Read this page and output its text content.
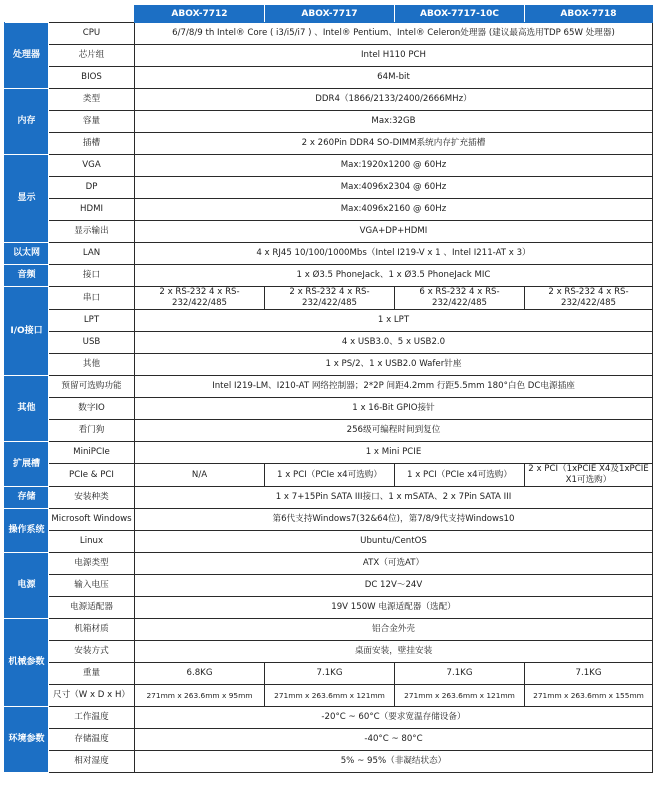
		ABOX-7712	ABOX-7717	ABOX-7717-10C	ABOX-7718
处理器	CPU	6/7/8/9 th Intel® Core ( i3/i5/i7 ) 、Intel® Pentium、Intel® Celeron处理器 (建议最高选用TDP 65W 处理器)			
	芯片组	Intel H110 PCH			
	BIOS	64M-bit			
内存	类型	DDR4（1866/2133/2400/2666MHz）			
	容量	Max:32GB			
	插槽	2 x 260Pin DDR4 SO-DIMM系统内存扩充插槽			
显示	VGA	Max:1920x1200 @ 60Hz			
	DP	Max:4096x2304 @ 60Hz			
	HDMI	Max:4096x2160 @ 60Hz			
	显示输出	VGA+DP+HDMI			
以太网	LAN	4 x RJ45 10/100/1000Mbs（Intel I219-V x 1 、Intel I211-AT x 3）			
音频	接口	1 x Ø3.5 PhoneJack、1 x Ø3.5 PhoneJack MIC			
I/O接口	串口	2 x RS-232 4 x RS-232/422/485	2 x RS-232 4 x RS-232/422/485	6 x RS-232 4 x RS-232/422/485	2 x RS-232 4 x RS-232/422/485
	LPT	1 x LPT			
	USB	4 x USB3.0、5 x USB2.0			
	其他	1 x PS/2、1 x USB2.0 Wafer针座			
其他	预留可选购功能	Intel I219-LM、I210-AT 网络控制器；2*2P 间距4.2mm 行距5.5mm 180°白色 DC电源插座			
	数字IO	1 x 16-Bit GPIO接针			
	看门狗	256级可编程时间到复位			
扩展槽	MiniPCIe	1 x Mini PCIE			
	PCIe & PCI	N/A	1 x PCI（PCIe x4可选购）	1 x PCI（PCIe x4可选购）	2 x PCI（1xPCIE X4及1xPCIE X1可选购）
存储	安装种类	1 x 7+15Pin SATA III接口、1 x mSATA、2 x 7Pin SATA III			
操作系统	Microsoft Windows	第6代支持Windows7(32&64位)，第7/8/9代支持Windows10			
	Linux	Ubuntu/CentOS			
电源	电源类型	ATX（可选AT）			
	输入电压	DC 12V～24V			
	电源适配器	19V 150W 电源适配器（选配）			
机械参数	机箱材质	铝合金外壳			
	安装方式	桌面安装，壁挂安装			
	重量	6.8KG	7.1KG	7.1KG	7.1KG
	尺寸（W x D x H）	271mm x 263.6mm x 95mm	271mm x 263.6mm x 121mm	271mm x 263.6mm x 121mm	271mm x 263.6mm x 155mm
环境参数	工作温度	-20°C ~ 60°C（要求宽温存储设备）			
	存储温度	-40°C ~ 80°C			
	相对湿度	5% ~ 95%（非凝结状态）			
